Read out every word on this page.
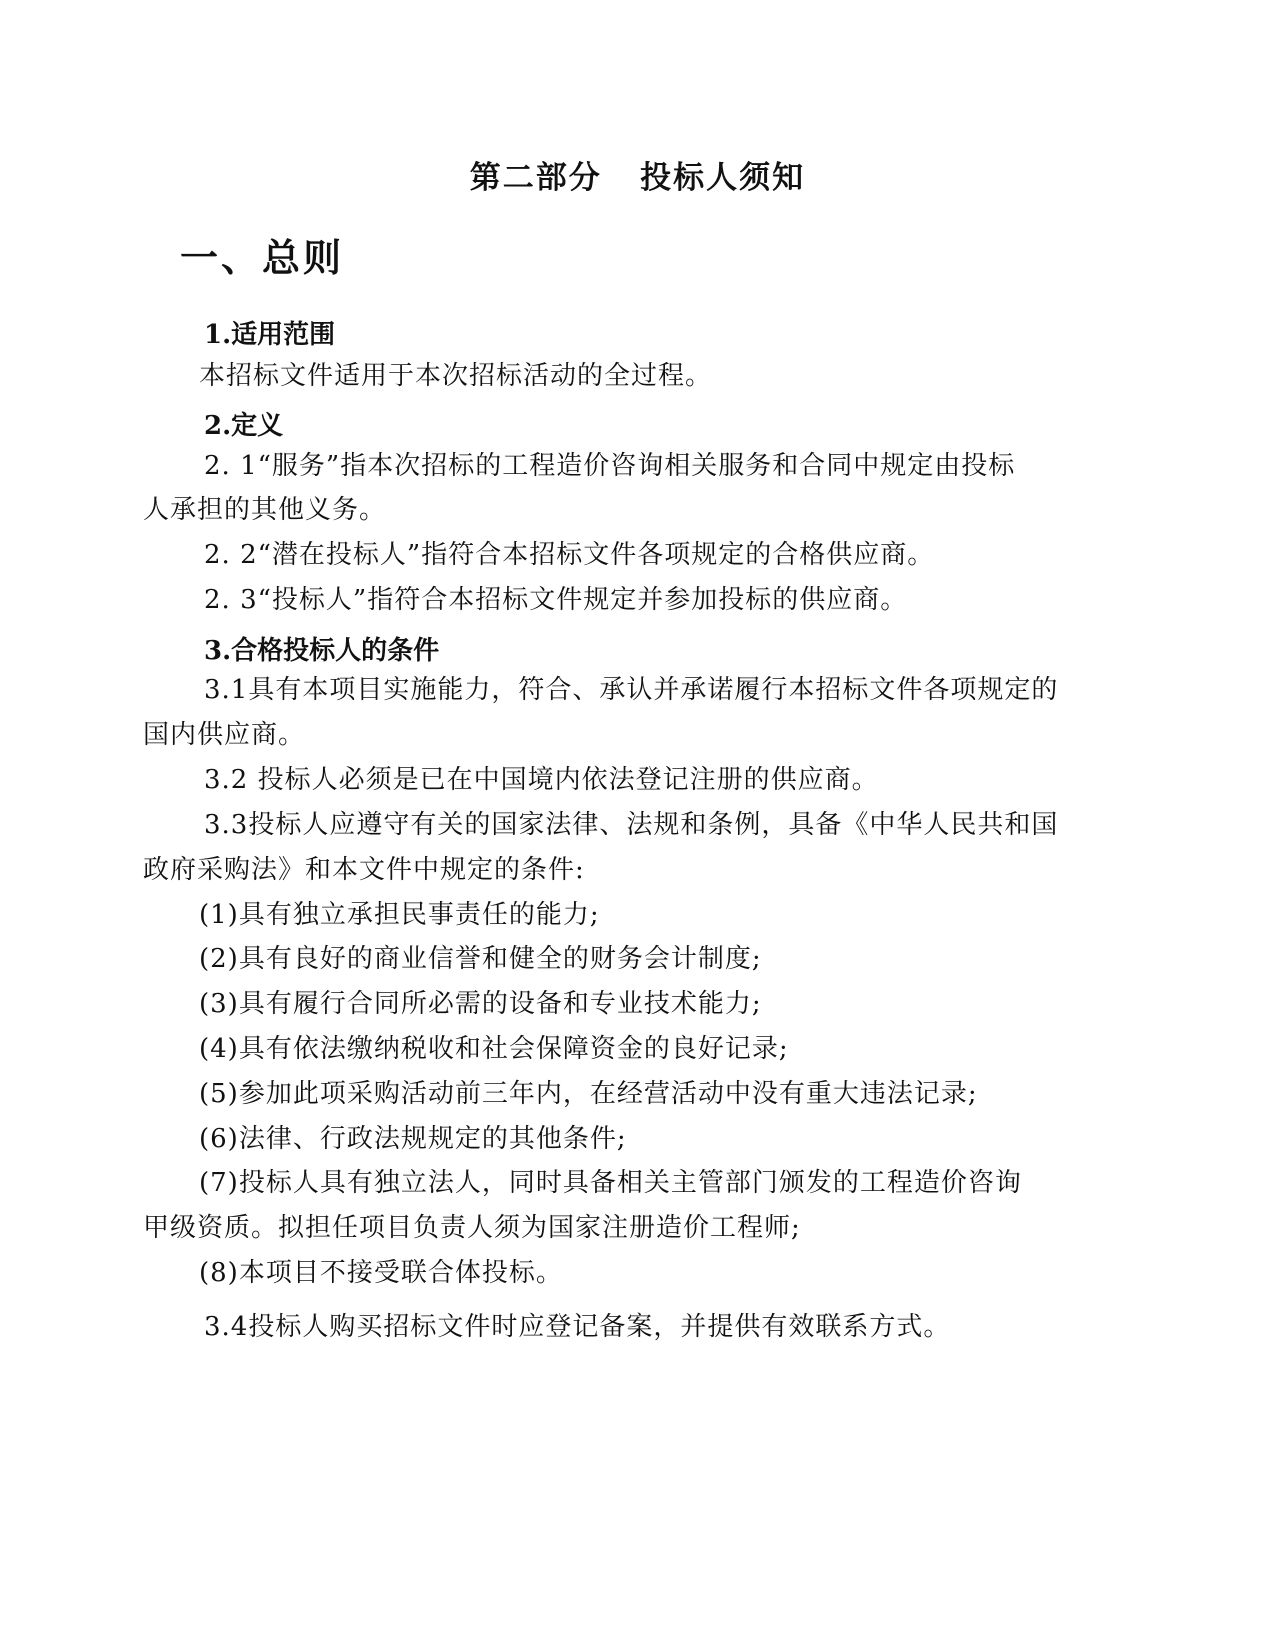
第二部分   投标人须知
一、总则
1.适用范围
本招标文件适用于本次招标活动的全过程。
2.定义
2. 1“服务”指本次招标的工程造价咨询相关服务和合同中规定由投标
人承担的其他义务。
2. 2“潜在投标人”指符合本招标文件各项规定的合格供应商。
2. 3“投标人”指符合本招标文件规定并参加投标的供应商。
3.合格投标人的条件
3.1具有本项目实施能力，符合、承认并承诺履行本招标文件各项规定的
国内供应商。
3.2 投标人必须是已在中国境内依法登记注册的供应商。
3.3投标人应遵守有关的国家法律、法规和条例，具备《中华人民共和国
政府采购法》和本文件中规定的条件:
(1)具有独立承担民事责任的能力;
(2)具有良好的商业信誉和健全的财务会计制度;
(3)具有履行合同所必需的设备和专业技术能力;
(4)具有依法缴纳税收和社会保障资金的良好记录;
(5)参加此项采购活动前三年内，在经营活动中没有重大违法记录;
(6)法律、行政法规规定的其他条件;
(7)投标人具有独立法人，同时具备相关主管部门颁发的工程造价咨询
甲级资质。拟担任项目负责人须为国家注册造价工程师;
(8)本项目不接受联合体投标。
3.4投标人购买招标文件时应登记备案，并提供有效联系方式。
